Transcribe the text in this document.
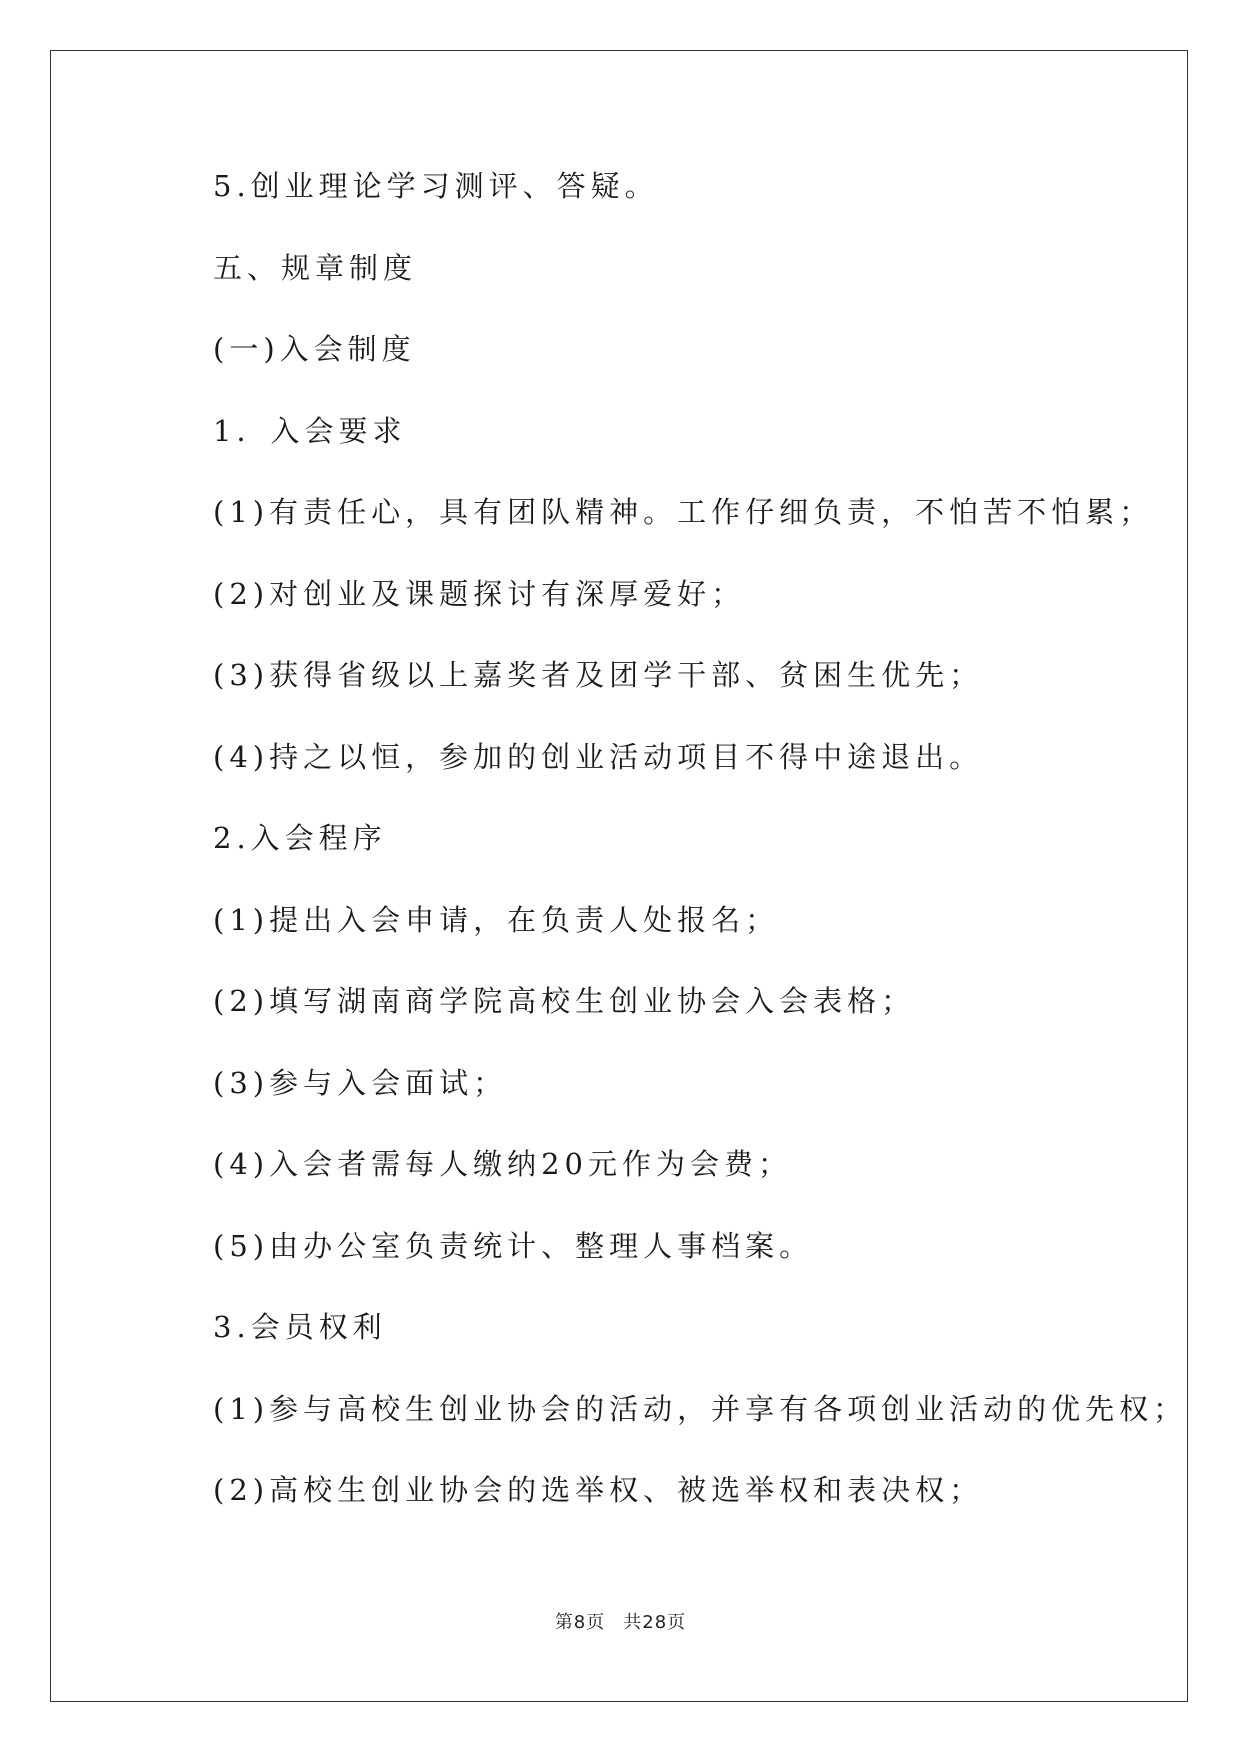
5.创业理论学习测评、答疑。
五、规章制度
(一)入会制度
1．入会要求
(1)有责任心，具有团队精神。工作仔细负责，不怕苦不怕累；
(2)对创业及课题探讨有深厚爱好；
(3)获得省级以上嘉奖者及团学干部、贫困生优先；
(4)持之以恒，参加的创业活动项目不得中途退出。
2.入会程序
(1)提出入会申请，在负责人处报名；
(2)填写湖南商学院高校生创业协会入会表格；
(3)参与入会面试；
(4)入会者需每人缴纳20元作为会费；
(5)由办公室负责统计、整理人事档案。
3.会员权利
(1)参与高校生创业协会的活动，并享有各项创业活动的优先权；
(2)高校生创业协会的选举权、被选举权和表决权；
第8页 共28页
